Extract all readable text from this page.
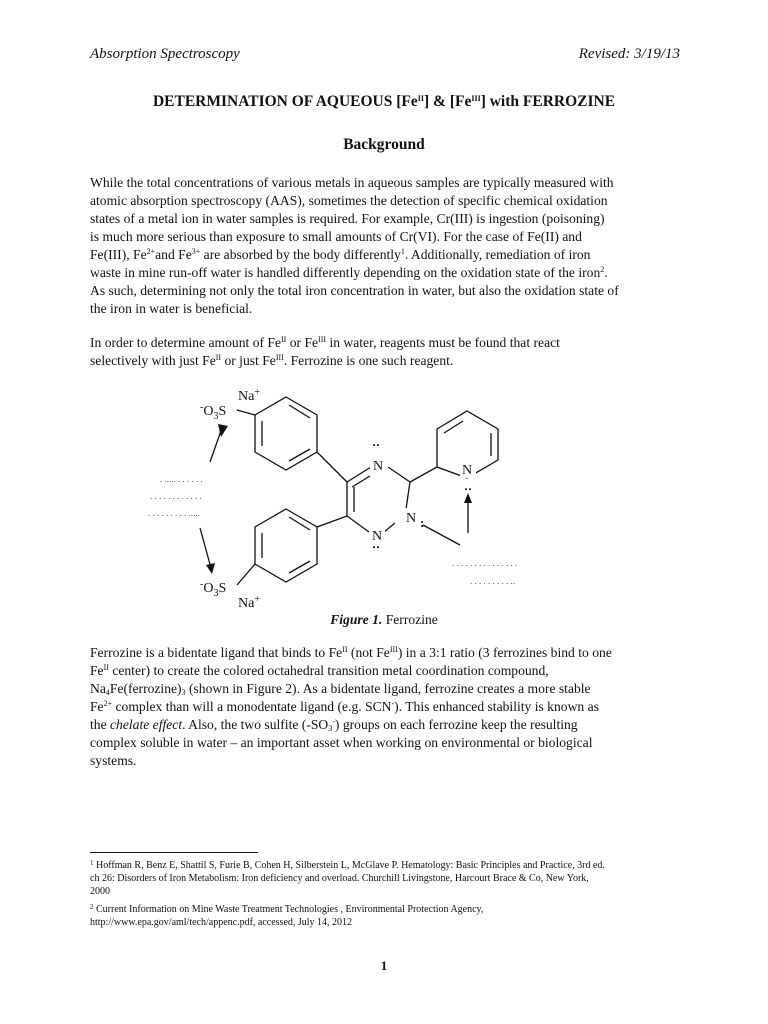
Absorption Spectroscopy	Revised: 3/19/13
DETERMINATION OF AQUEOUS $[Fe^{II}]$ & $[Fe^{III}]$ with FERROZINE
Background
While the total concentrations of various metals in aqueous samples are typically measured with
atomic absorption spectroscopy (AAS), sometimes the detection of specific chemical oxidation
states of a metal ion in water samples is required. For example, Cr(III) is ingestion (poisoning)
is much more serious than exposure to small amounts of Cr(VI). For the case of Fe(II) and
Fe(III), $Fe^{2+}and$ $Fe^{3+}$ are absorbed by the body differently$^1$. Additionally, remediation of iron
waste in mine run-off water is handled differently depending on the oxidation state of the iron$^2$.
As such, determining not only the total iron concentration in water, but also the oxidation state of
the iron in water is beneficial.
In order to determine amount of $Fe^{II}$ or $Fe^{III}$ in water, reagents must be found that react
selectively with just $Fe^{II}$ or just $Fe^{III}$. Ferrozine is one such reagent.
Na+
$^-O_3S$
$^-O_3S$
Na+
N
N
N
N
:
:
:
:
. ..... . . . . . .
. . . . . . . . . . . .
. . . . . . . . . .....
. . . . . . . . . . . . . . .
. . . . . . . . . ..
Figure 1. Ferrozine
Ferrozine is a bidentate ligand that binds to $Fe^{II}$ (not $Fe^{III}$) in a 3:1 ratio (3 ferrozines bind to one
$Fe^{II}$ center) to create the colored octahedral transition metal coordination compound,
$Na_4Fe(ferrozine)_3$ (shown in Figure 2). As a bidentate ligand, ferrozine creates a more stable
$Fe^{2+}$ complex than will a monodentate ligand (e.g. SCN-). This enhanced stability is known as
the chelate effect. Also, the two sulfite $(-SO_3^-)$ groups on each ferrozine keep the resulting
complex soluble in water – an important asset when working on environmental or biological
systems.
$^1$ Hoffman R, Benz E, Shattil S, Furie B, Cohen H, Silberstein L, McGlave P. Hematology: Basic Principles and Practice, 3rd ed.
ch 26: Disorders of Iron Metabolism: Iron deficiency and overload. Churchill Livingstone, Harcourt Brace & Co, New York,
2000
$^2$ Current Information on Mine Waste Treatment Technologies , Environmental Protection Agency,
http://www.epa.gov/aml/tech/appenc.pdf, accessed, July 14, 2012
1
